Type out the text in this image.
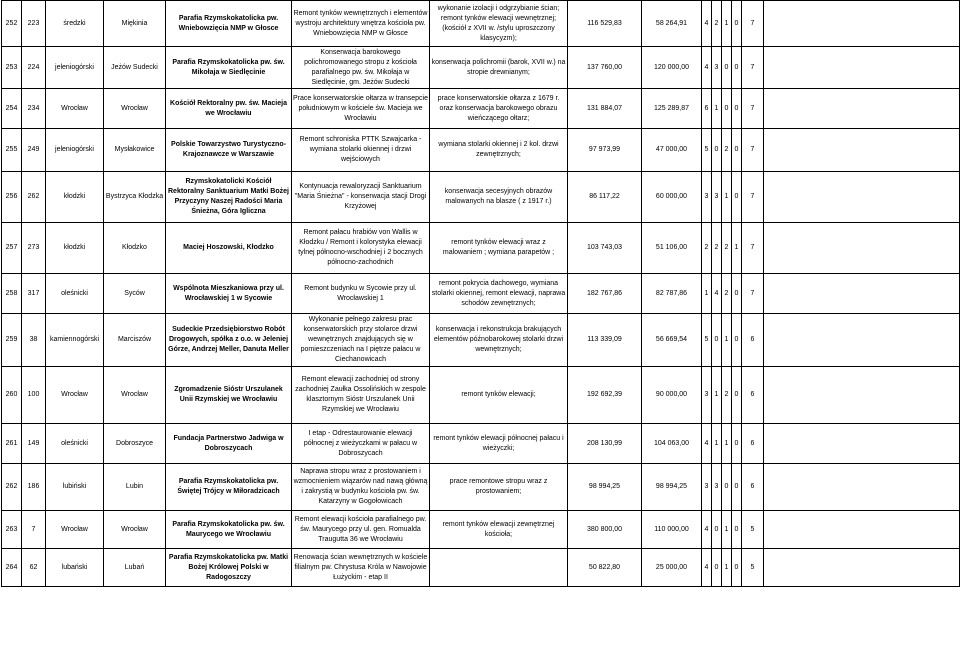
252	223	średzki	Miękinia	Parafia Rzymskokatolicka pw. Wniebowzięcia NMP w Głosce	Remont tynków wewnętrznych i elementów wystroju architektury wnętrza kościoła pw. Wniebowzięcia NMP w Głosce	wykonanie izolacji i odgrzybianie ścian; remont tynków elewacji wewnętrznej; (kościół z XVII w. /stylu uproszczony klasycyzm);	116 529,83	58 264,91	4	2	1	0	7	
253	224	jeleniogórski	Jeżów Sudecki	Parafia Rzymskokatolicka pw. św. Mikołaja w Siedlęcinie	Konserwacja barokowego polichromowanego stropu z kościoła parafialnego pw. św. Mikołaja w Siedlęcinie, gm. Jeżów Sudecki	konserwacja polichromii (barok, XVII w.) na stropie drewnianym;	137 760,00	120 000,00	4	3	0	0	7	
254	234	Wrocław	Wrocław	Kościół Rektoralny pw. św. Macieja we Wrocławiu	Prace konserwatorskie ołtarza w transepcie południowym w kościele św. Macieja we Wrocławiu	prace konserwatorskie ołtarza z 1679 r. oraz konserwacja barokowego obrazu wieńczącego ołtarz;	131 884,07	125 289,87	6	1	0	0	7	
255	249	jeleniogórski	Mysłakowice	Polskie Towarzystwo Turystyczno-Krajoznawcze w Warszawie	Remont schroniska PTTK Szwajcarka - wymiana stolarki okiennej i drzwi wejściowych	wymiana stolarki okiennej i 2 kol. drzwi zewnętrznych;	97 973,99	47 000,00	5	0	2	0	7	
256	262	kłodzki	Bystrzyca Kłodzka	Rzymskokatolicki Kościół Rektoralny Sanktuarium Matki Bożej Przyczyny Naszej Radości Maria Śnieżna, Góra Igliczna	Kontynuacja rewaloryzacji Sanktuarium "Maria Śnieżna" - konserwacja stacji Drogi Krzyżowej	konserwacja secesyjnych obrazów malowanych na blasze ( z 1917 r.)	86 117,22	60 000,00	3	3	1	0	7	
257	273	kłodzki	Kłodzko	Maciej Hoszowski, Kłodzko	Remont pałacu hrabiów von Wallis w Kłodzku / Remont i kolorystyka elewacji tylnej północno-wschodniej i 2 bocznych północno-zachodnich	remont tynków elewacji wraz z malowaniem ; wymiana parapetów ;	103 743,03	51 106,00	2	2	2	1	7	
258	317	oleśnicki	Syców	Wspólnota Mieszkaniowa przy ul. Wrocławskiej 1 w Sycowie	Remont budynku w Sycowie przy ul. Wrocławskiej 1	remont pokrycia dachowego, wymiana stolarki okiennej, remont elewacji, naprawa schodów zewnętrznych;	182 767,86	82 787,86	1	4	2	0	7	
259	38	kamiennogórski	Marciszów	Sudeckie Przedsiębiorstwo Robót Drogowych, spółka z o.o. w Jeleniej Górze, Andrzej Meller, Danuta Meller	Wykonanie pełnego zakresu prac konserwatorskich przy stolarce drzwi wewnętrznych znajdujących się w pomieszczeniach na I piętrze pałacu w Ciechanowicach	konserwacja i rekonstrukcja brakujących elementów późnobarokowej stolarki drzwi wewnętrznych;	113 339,09	56 669,54	5	0	1	0	6	
260	100	Wrocław	Wrocław	Zgromadzenie Sióstr Urszulanek Unii Rzymskiej we Wrocławiu	Remont elewacji zachodniej od strony zachodniej Zaułka Ossolińskich w zespole klasztornym Sióstr Urszulanek Unii Rzymskiej we Wrocławiu	remont tynków elewacji;	192 692,39	90 000,00	3	1	2	0	6	
261	149	oleśnicki	Dobroszyce	Fundacja Partnerstwo Jadwiga w Dobroszycach	I etap - Odrestaurowanie elewacji północnej z wieżyczkami w pałacu w Dobroszycach	remont tynków elewacji północnej pałacu i wieżyczki;	208 130,99	104 063,00	4	1	1	0	6	
262	186	lubiński	Lubin	Parafia Rzymskokatolicka pw. Świętej Trójcy w Miłoradzicach	Naprawa stropu wraz z prostowaniem i wzmocnieniem wiązarów nad nawą główną i zakrystią w budynku kościoła pw. św. Katarzyny w Gogołowicach	prace remontowe stropu wraz z prostowaniem;	98 994,25	98 994,25	3	3	0	0	6	
263	7	Wrocław	Wrocław	Parafia Rzymskokatolicka pw. św. Maurycego we Wrocławiu	Remont elewacji kościoła parafialnego pw. św. Maurycego przy ul. gen. Romualda Traugutta 36 we Wrocławiu	remont tynków elewacji zewnętrznej kościoła;	380 800,00	110 000,00	4	0	1	0	5	
264	62	lubański	Lubań	Parafia Rzymskokatolicka pw. Matki Bożej Królowej Polski w Radogoszczy	Renowacja ścian wewnętrznych w kościele filialnym pw. Chrystusa Króla w Nawojowie Łużyckim - etap II		50 822,80	25 000,00	4	0	1	0	5	
